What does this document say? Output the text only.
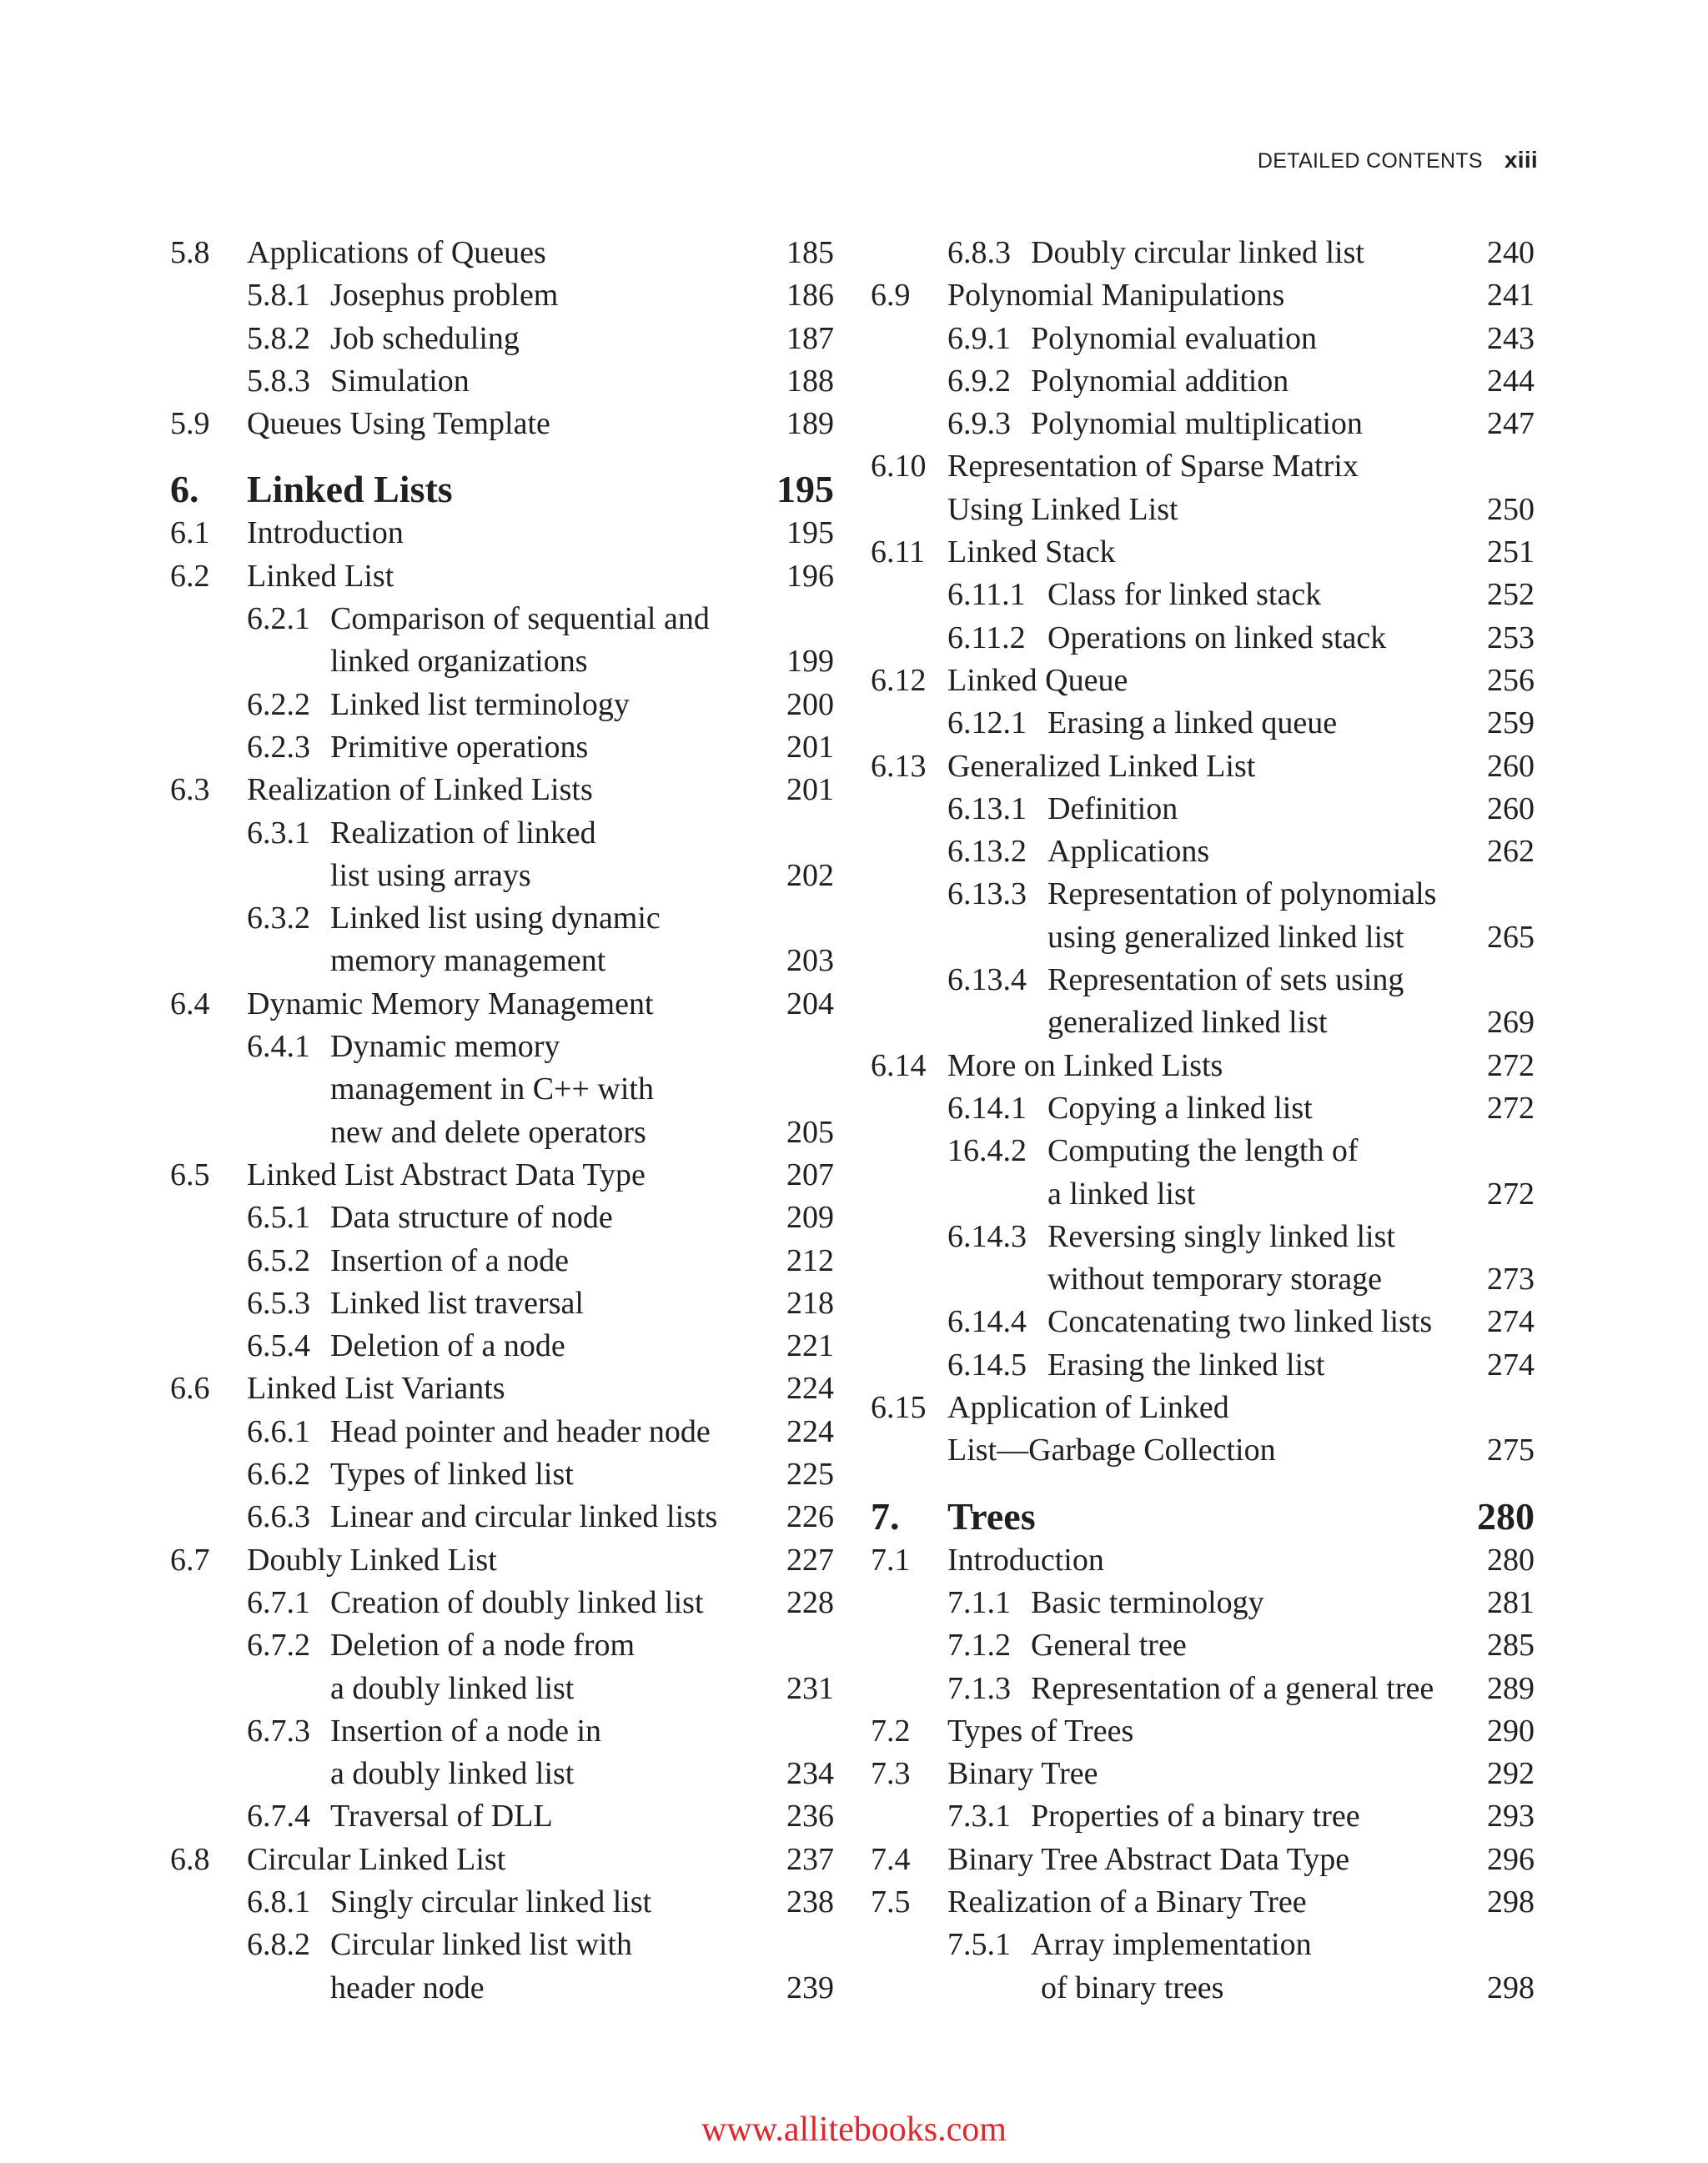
DETAILED CONTENTS xiii
5.8 Applications of Queues	185
5.8.1 Josephus problem	186
5.8.2 Job scheduling	187
5.8.3 Simulation	188
5.9 Queues Using Template	189
6. Linked Lists	195
6.1 Introduction	195
6.2 Linked List	196
6.2.1 Comparison of sequential and
linked organizations	199
6.2.2 Linked list terminology	200
6.2.3 Primitive operations	201
6.3 Realization of Linked Lists	201
6.3.1 Realization of linked
list using arrays	202
6.3.2 Linked list using dynamic
memory management	203
6.4 Dynamic Memory Management	204
6.4.1 Dynamic memory
management in C++ with
new and delete operators	205
6.5 Linked List Abstract Data Type	207
6.5.1 Data structure of node	209
6.5.2 Insertion of a node	212
6.5.3 Linked list traversal	218
6.5.4 Deletion of a node	221
6.6 Linked List Variants	224
6.6.1 Head pointer and header node 224
6.6.2 Types of linked list	225
6.6.3 Linear and circular linked lists 226
6.7 Doubly Linked List	227
6.7.1 Creation of doubly linked list	228
6.7.2 Deletion of a node from
a doubly linked list	231
6.7.3 Insertion of a node in
a doubly linked list	234
6.7.4 Traversal of DLL	236
6.8 Circular Linked List	237
6.8.1 Singly circular linked list	238
6.8.2 Circular linked list with
header node	239
6.8.3 Doubly circular linked list	240
6.9 Polynomial Manipulations	241
6.9.1 Polynomial evaluation	243
6.9.2 Polynomial addition	244
6.9.3 Polynomial multiplication	247
6.10 Representation of Sparse Matrix
Using Linked List	250
6.11 Linked Stack	251
6.11.1 Class for linked stack	252
6.11.2 Operations on linked stack	253
6.12 Linked Queue	256
6.12.1 Erasing a linked queue	259
6.13 Generalized Linked List	260
6.13.1 Definition	260
6.13.2 Applications	262
6.13.3 Representation of polynomials
using generalized linked list	265
6.13.4 Representation of sets using
generalized linked list	269
6.14 More on Linked Lists	272
6.14.1 Copying a linked list	272
16.4.2 Computing the length of
a linked list	272
6.14.3 Reversing singly linked list
without temporary storage	273
6.14.4 Concatenating two linked lists 274
6.14.5 Erasing the linked list	274
6.15 Application of Linked
List—Garbage Collection	275
7. Trees	280
7.1 Introduction	280
7.1.1 Basic terminology	281
7.1.2 General tree	285
7.1.3 Representation of a general tree 289
7.2 Types of Trees	290
7.3 Binary Tree	292
7.3.1 Properties of a binary tree	293
7.4 Binary Tree Abstract Data Type	296
7.5 Realization of a Binary Tree	298
7.5.1 Array implementation
of binary trees	298
www.allitebooks.com
